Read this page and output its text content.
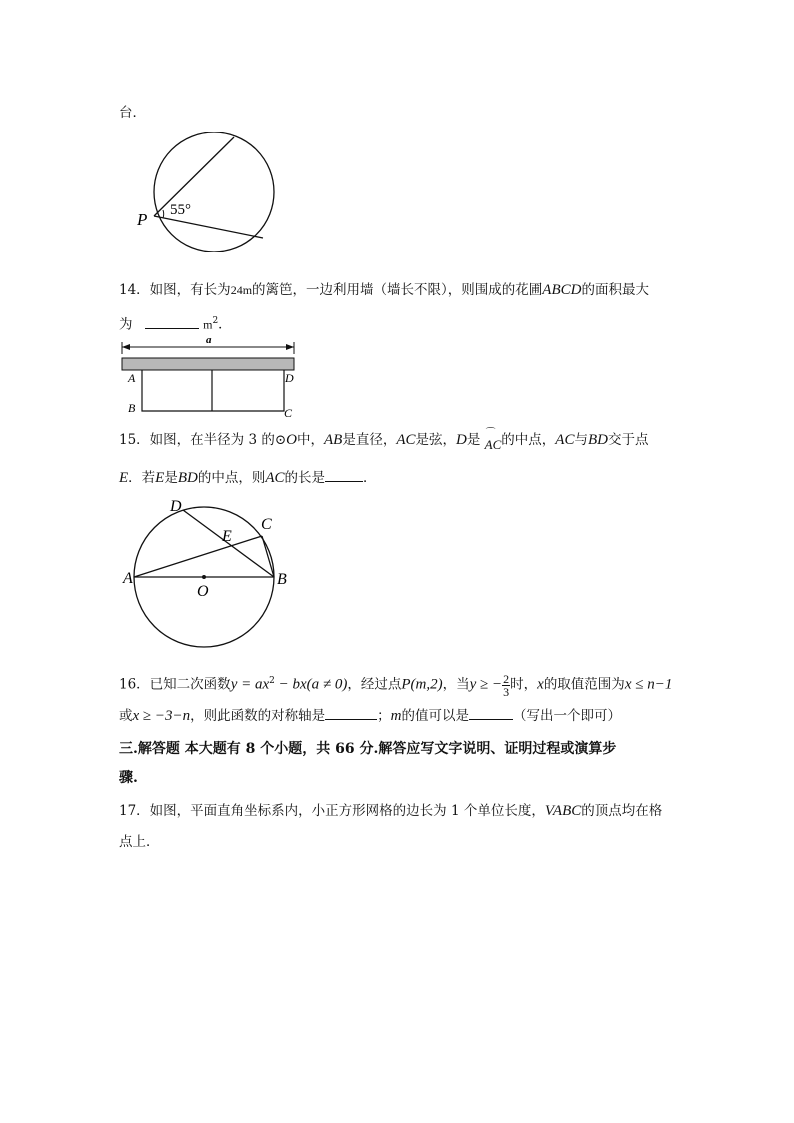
台．
55°
P
14．如图，有长为24m的篱笆，一边利用墙（墙长不限），则围成的花圃ABCD的面积最大
为	$m^2$．
a
A
B	C
D
15．如图，在半径为 3 的⊙O中，AB是直径，AC是弦，D是 ⌒
AC的中点，AC与BD交于点
E．若E是BD的中点，则AC的长是	．
A	B
C
D
E
O
16．已知二次函数$y = ax^2 - bx(a \ne 0)$，经过点P(m,2)，当y ≥ − $\frac{2}{3}$ 时，x的取值范围为x ≤ n−1
或x ≥ −3−n，则此函数的对称轴是	；m的值可以是	（写出一个即可）
三.解答题 本大题有 8 个小题，共 66 分.解答应写文字说明、证明过程或演算步
骤.
17．如图，平面直角坐标系内，小正方形网格的边长为 1 个单位长度，VABC的顶点均在格
点上．
